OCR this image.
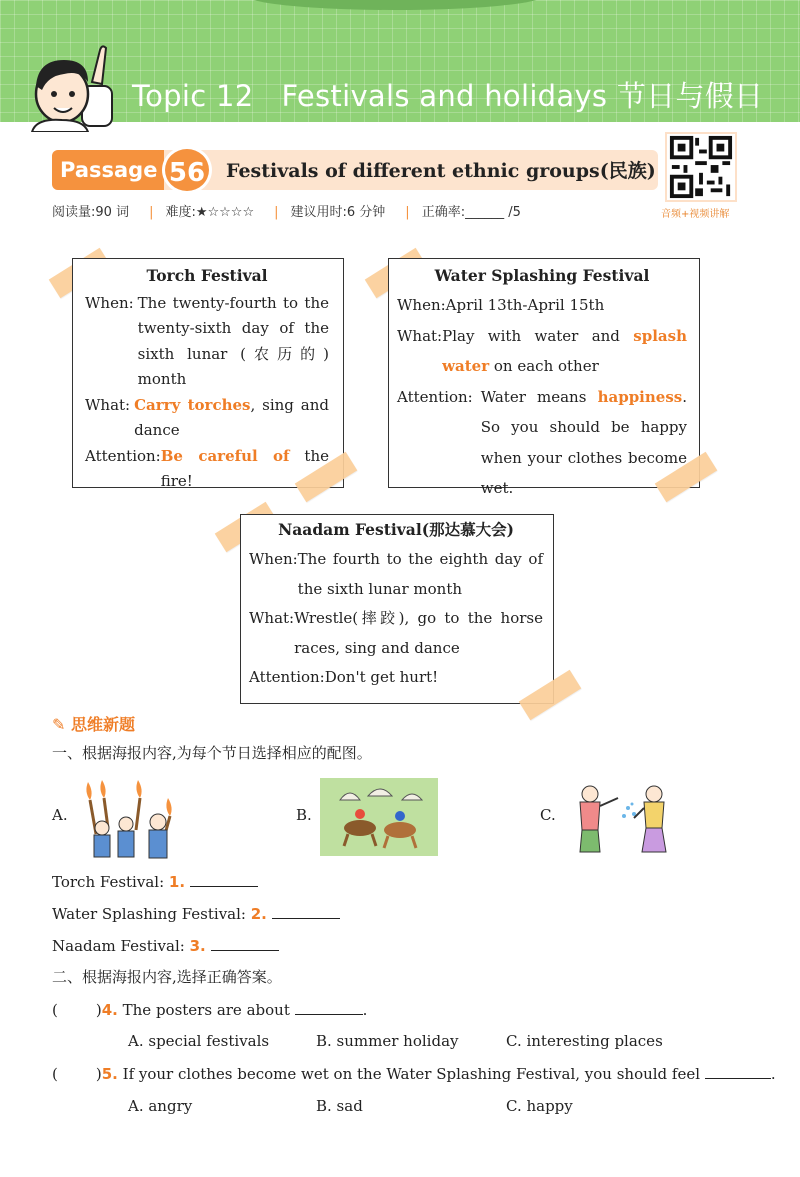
Topic 12 Festivals and holidays 节日与假日
Passage 56	Festivals of different ethnic groups(民族)
音频+视频讲解
阅读量:90 词 | 难度:★☆☆☆☆ | 建议用时:6 分钟 | 正确率:______ /5
Torch Festival
When: The twenty-fourth to the twenty-sixth day of the sixth lunar (农历的) month
What: Carry torches, sing and dance
Attention: Be careful of the fire!
Water Splashing Festival
When: April 13th-April 15th
What: Play with water and splash water on each other
Attention: Water means happiness. So you should be happy when your clothes become wet.
Naadam Festival(那达慕大会)
When: The fourth to the eighth day of the sixth lunar month
What: Wrestle(摔跤), go to the horse races, sing and dance
Attention: Don't get hurt!
✎ 思维新题
一、根据海报内容,为每个节日选择相应的配图。
A.	B.	C.
Torch Festival: 1.
Water Splashing Festival: 2.
Naadam Festival: 3.
二、根据海报内容,选择正确答案。
(	)4. The posters are about	.
A. special festivals	B. summer holiday	C. interesting places
(	)5. If your clothes become wet on the Water Splashing Festival, you should feel	.
A. angry	B. sad	C. happy
